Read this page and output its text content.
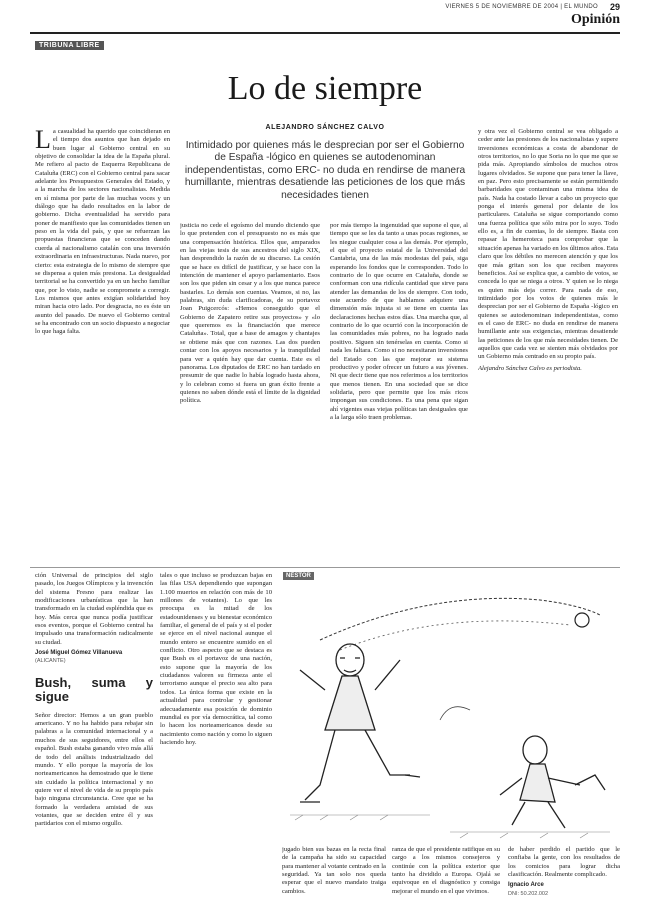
VIERNES 5 DE NOVIEMBRE DE 2004 | EL MUNDO 29
Opinión
TRIBUNA LIBRE
Lo de siempre
ALEJANDRO SÁNCHEZ CALVO
Intimidado por quienes más le desprecian por ser el Gobierno de España -lógico en quienes se autodenominan independentistas, como ERC- no duda en rendirse de manera humillante, mientras desatiende las peticiones de los que más necesidades tienen
L a casualidad ha querido que coincidieran en el tiempo dos asuntos que han dejado en buen lugar al Gobierno central en su objetivo de consolidar la idea de la España plural. Me refiero al pacto de Esquerra Republicana de Cataluña (ERC) con el Gobierno central para sacar adelante los Presupuestos Generales del Estado, y a la marcha de los sectores nacionalistas. Medida en sí misma por parte de las muchas voces y un diálogo que ha dado resultados en la labor de gobierno. Dicha eventualidad ha servido para poner de manifiesto que las comunidades tienen un peso en la vida del país, y que se refuerzan las propuestas financieras que se conceden dando cuerda al nacionalismo catalán con una inversión extraordinaria en infraestructuras. Nada nuevo, por cierto: esta estrategia de lo mismo de siempre que se dispensa a quien más presiona. La desigualdad territorial se ha convertido ya en un hecho familiar que, por lo visto, nadie se compromete a corregir. Los mismos que antes exigían solidaridad hoy miran hacia otro lado. Por desgracia, no es éste un asunto del pasado. De nuevo el Gobierno central se ha encontrado con un socio dispuesto a negociar lo que haga falta.
justicia no cede el egoísmo del mundo diciendo que lo que pretenden con el presupuesto no es más que una compensación histórica. Ellos que, amparados en las viejas tesis de sus ancestros del siglo XIX, han desprendido la razón de su discurso. La cesión que se hace es difícil de justificar, y se hace con la intención de mantener el apoyo parlamentario. Esos son los que piden sin cesar y a los que nunca parece bastarles. Lo demás son cuentas. Veamos, si no, las palabras, sin duda clarificadoras, de su portavoz Joan Puigcercós: «Hemos conseguido que el Gobierno de Zapatero retire sus proyectos» y «lo que queremos es la financiación que merece Cataluña». Total, que a base de amagos y chantajes se obtiene más que con razones. Las dos pueden contar con los apoyos necesarios y la tranquilidad para ver a quién hay que dar cuenta. Este es el panorama. Los diputados de ERC no han tardado en presumir de que nadie lo había logrado hasta ahora, y lo celebran como si fuera un gran éxito frente a quienes no saben dónde está el límite de la dignidad política.
por más tiempo la ingenuidad que supone el que, al tiempo que se les da tanto a unas pocas regiones, se les niegue cualquier cosa a las demás. Por ejemplo, el que el proyecto estatal de la Universidad del Cantabria, una de las más modestas del país, siga esperando los fondos que le corresponden. Todo lo contrario de lo que ocurre en Cataluña, donde se conforman con una ridícula cantidad que sirve para atender las demandas de los de siempre. Con todo, este acuerdo de que hablamos adquiere una dimensión más injusta si se tiene en cuenta las declaraciones hechas estos días. Una marcha que, al contrario de lo que ocurrió con la incorporación de las comunidades más pobres, no ha logrado nada positivo. Siguen sin tenérselas en cuenta. Como si nada les faltara. Como si no necesitaran inversiones del Estado con las que mejorar su sistema productivo y poder ofrecer un futuro a sus jóvenes. Ni que decir tiene que nos referimos a los territorios que menos tienen. En una sociedad que se dice solidaria, pero que permite que los más ricos impongan sus condiciones. Es una pena que sigan ahí vigentes esas viejas políticas tan desiguales que a la larga sólo traen problemas.
y otra vez el Gobierno central se vea obligado a ceder ante las presiones de los nacionalistas y supere inversiones económicas a costa de abandonar de otros territorios, no lo que Soria no lo que me que se pida más. Apropiando símbolos de muchos otros lugares olvidados. Se supone que para tener la llave, en paz. Pero esto precisamente se están permitiendo barbaridades que contaminan una misma idea de país. Nada ha costado llevar a cabo un proyecto que ponga el interés general por delante de los particulares. Cataluña se sigue comportando como una fuerza política que sólo mira por lo suyo. Todo ello es, a fin de cuentas, lo de siempre. Basta con repasar la hemeroteca para comprobar que la situación apenas ha variado en los últimos años. Esta claro que los débiles no merecen atención y que los que más gritan son los que reciben mayores beneficios. Así se explica que, a cambio de votos, se conceda lo que se niega a otros. Y quien se lo niega es quien más deja correr. Para nada de eso, intimidado por los votos de quienes más le desprecian por ser el Gobierno de España -lógico en quienes se autodenominan independentistas, como es el caso de ERC- no duda en rendirse de manera humillante ante sus exigencias, mientras desatiende las peticiones de los que más necesidades tienen. De aquellos que cada vez se sienten más olvidados por un Gobierno más centrado en su propio país.
Alejandro Sánchez Calvo es periodista.
ción Universal de principios del siglo pasado, los Juegos Olímpicos y la invención del sistema Fresno para realizar las modificaciones urbanísticas que la han transformado en la ciudad espléndida que es hoy. Más cerca que nunca podía justificar esos eventos, porque el Gobierno central ha impulsado una transformación radicalmente su ciudad.
José Miguel Gómez Villanueva
(ALICANTE)
Bush, suma y sigue
Señor director: Hemos a un gran pueblo americano. Y no ha habido para rebajar sin palabras a la comunidad internacional y a muchos de sus seguidores, entre ellos el español. Bush estaba ganando vivo más allá de todo del análisis industrializado del mundo. Y ello porque la mayoría de los norteamericanos ha demostrado que le tiene sin cuidado la política internacional y no quiere ver el nivel de vida de su propio país bajo ninguna circunstancia. Cree que se ha formado la verdadera amistad de sus votantes, que se deciden entre él y sus partidarios con el mismo orgullo.
tales o que incluso se produzcan bajas en las filas USA dependiendo que supongan 1.100 muertos en relación con más de 10 millones de votantes). Lo que les preocupa es la mitad de los estadounidenses y su bienestar económico familiar, el general de el país y si el poder se ejerce en el nivel nacional aunque el mundo entero se encuentre sumido en el conflicto. Otro aspecto que se destaca es que Bush es el portavoz de una nación, esto supone que la mayoría de los ciudadanos valoren su firmeza ante el terrorismo aunque el precio sea alto para todos. La única forma que existe en la actualidad para controlar y gestionar adecuadamente esa posición de dominio mundial es por vía democrática, tal como lo hacen los norteamericanos desde su nacimiento como nación y como lo siguen haciendo hoy.
NÉSTOR
jugado bien sus bazas en la recta final de la campaña ha sido su capacidad para mantener al votante centrado en la seguridad. Ya tan solo nos queda esperar que el nuevo mandato traiga cambios.
ranza de que el presidente ratifique en su cargo a los mismos consejeros y continúe con la política exterior que tanto ha dividido a Europa. Ojalá se equivoque en el diagnóstico y consiga mejorar el mundo en el que vivimos.
de haber perdido el partido que le confiaba la gente, con los resultados de los comicios para lograr dicha clasificación. Realmente complicado.
Ignacio Arce
DNI: 50.202.002
